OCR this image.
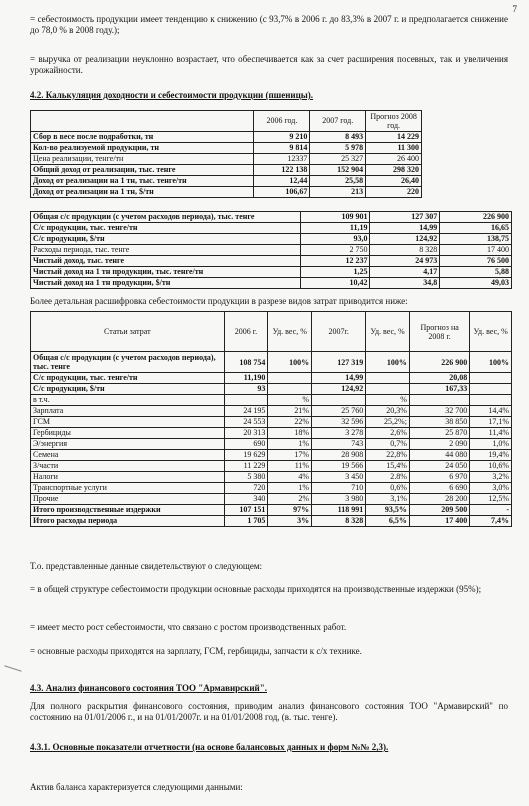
7
= себестоимость продукции имеет тенденцию к снижению (с 93,7% в 2006 г. до 83,3% в 2007 г. и предполагается снижение до 78,0 % в 2008 году.);
= выручка от реализации неуклонно возрастает, что обеспечивается как за счет расширения посевных, так и увеличения урожайности.
4.2. Калькуляция доходности и себестоимости продукции (пшеницы).
	2006 год.	2007 год.	Прогноз 2008 год.
Сбор в весе после подработки, тн	9 210	8 493	14 229
Кол-во реализуемой продукции, тн	9 814	5 978	11 300
Цена реализации, тенге/тн	12337	25 327	26 400
Общий доход от реализации, тыс. тенге	122 138	152 904	298 320
Доход от реализации на 1 тн, тыс. тенге/тн	12,44	25,58	26,40
Доход от реализации на 1 тн, $/тн	106,67	213	220
Общая с/с продукции (с учетом расходов периода), тыс. тенге	109 901	127 307	226 900
С/с продукции, тыс. тенге/тн	11,19	14,99	16,65
С/с продукции, $/тн	93,0	124,92	138,75
Расходы периода, тыс. тенге	2 750	8 328	17 400
Чистый доход, тыс. тенге	12 237	24 973	76 500
Чистый доход на 1 тн продукции, тыс. тенге/тн	1,25	4,17	5,88
Чистый доход на 1 тн продукции, $/тн	10,42	34,8	49,03
Более детальная расшифровка себестоимости продукции в разрезе видов затрат приводится ниже:
Статьи затрат	2006 г.	Уд. вес, %	2007г.	Уд. вес, %	Прогноз на 2008 г.	Уд. вес, %
Общая с/с продукции (с учетом расходов периода), тыс. тенге	108 754	100%	127 319	100%	226 900	100%
С/с продукции, тыс. тенге/тн	11,190		14,99		20,08	
С/с продукции, $/тн	93		124,92		167,33	
в т.ч.		%		%		
Зарплата	24 195	21%	25 760	20,3%	32 700	14,4%
ГСМ	24 553	22%	32 596	25,2%;	38 850	17,1%
Гербициды	20 313	18%	3 278	2,6%	25 870	11,4%
Э/энергия	690	1%	743	0,7%	2 090	1,0%
Семена	19 629	17%	28 908	22,8%	44 080	19,4%
З/части	11 229	11%	19 566	15,4%	24 050	10,6%
Налоги	5 380	4%	3 450	2.8%	6 970	3,2%
Транспортные услуги	720	1%	710	0,6%	6 690	3,0%
Прочие	340	2%	3 980	3,1%	28 200	12,5%
Итого производственные издержки	107 151	97%	118 991	93,5%	209 500	-
Итого расходы периода	1 705	3%	8 328	6,5%	17 400	7,4%
Т.о. представленные данные свидетельствуют о следующем:
= в общей структуре себестоимости продукции основные расходы приходятся на производственные издержки (95%);
= имеет место рост себестоимости, что связано с ростом производственных работ.
= основные расходы приходятся на зарплату, ГСМ, гербициды, запчасти к с/х технике.
4.3. Анализ финансового состояния ТОО "Армавирский".
Для полного раскрытия финансового состояния, приводим анализ финансового состояния ТОО "Армавирский" по состоянию на 01/01/2006 г., и на 01/01/2007г. и на 01/01/2008 год, (в. тыс. тенге).
4.3.1. Основные показатели отчетности (на основе балансовых данных и форм №№ 2,3).
Актив баланса характеризуется следующими данными:
